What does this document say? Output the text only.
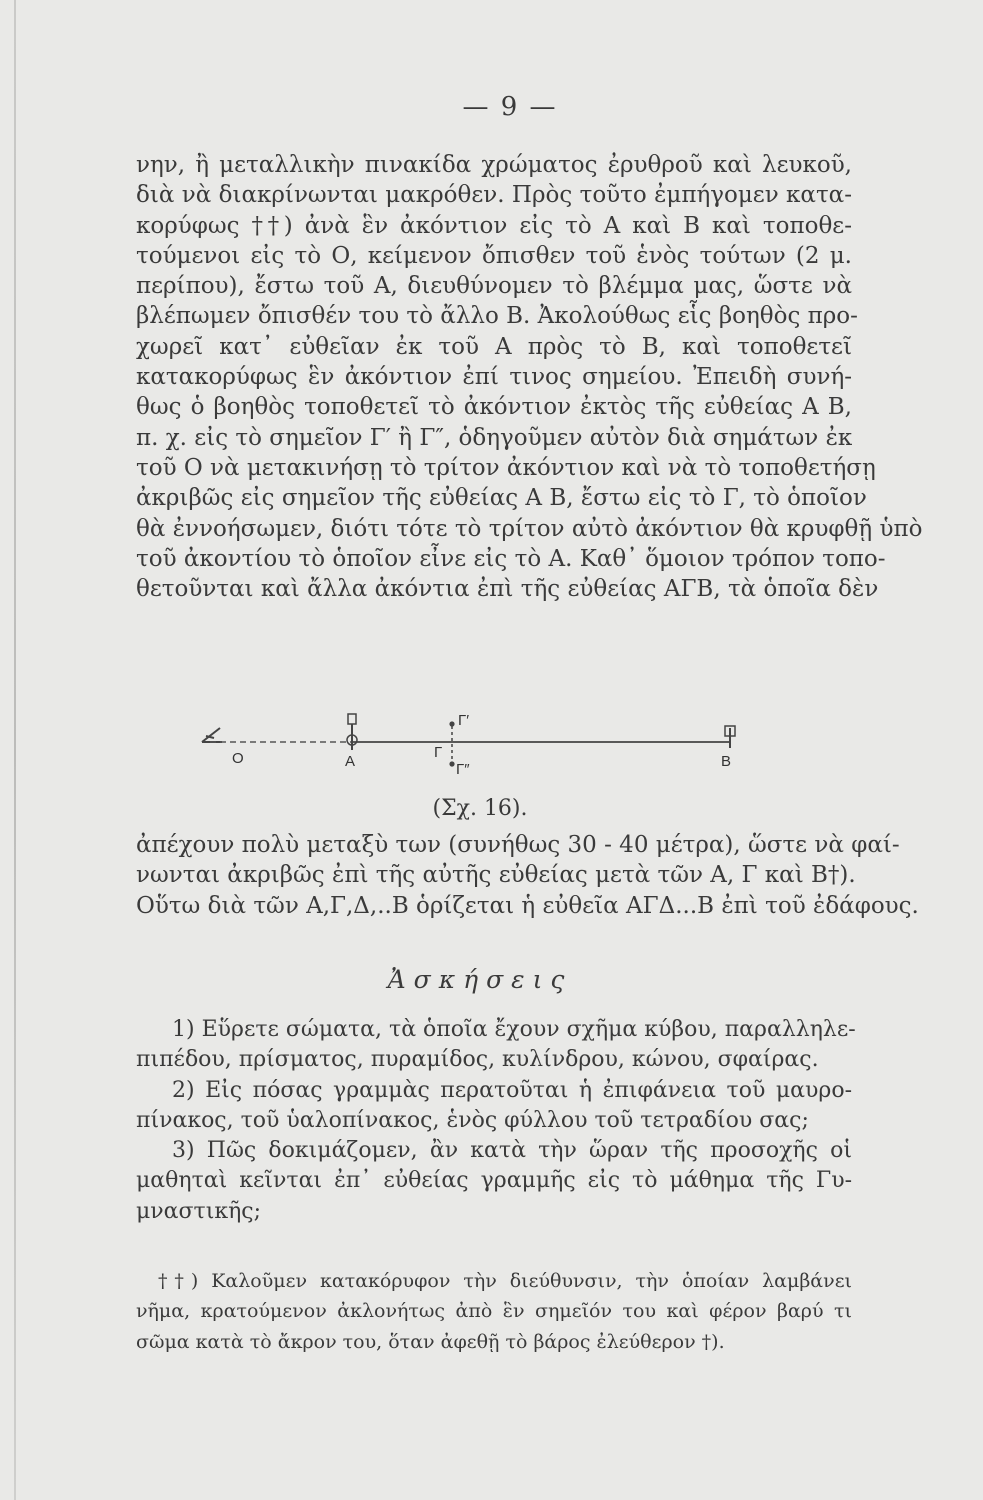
— 9 —
νην, ἢ μεταλλικὴν πινακίδα χρώματος ἐρυθροῦ καὶ λευκοῦ,
διὰ νὰ διακρίνωνται μακρόθεν. Πρὸς τοῦτο ἐμπήγομεν κατα-
κορύφως ††) ἀνὰ ἓν ἀκόντιον εἰς τὸ Α καὶ Β καὶ τοποθε-
τούμενοι εἰς τὸ Ο, κείμενον ὄπισθεν τοῦ ἑνὸς τούτων (2 μ.
περίπου), ἔστω τοῦ Α, διευθύνομεν τὸ βλέμμα μας, ὥστε νὰ
βλέπωμεν ὄπισθέν του τὸ ἄλλο Β. Ἀκολούθως εἷς βοηθὸς προ-
χωρεῖ κατ᾽ εὐθεῖαν ἐκ τοῦ Α πρὸς τὸ Β, καὶ τοποθετεῖ
κατακορύφως ἓν ἀκόντιον ἐπί τινος σημείου. Ἐπειδὴ συνή-
θως ὁ βοηθὸς τοποθετεῖ τὸ ἀκόντιον ἐκτὸς τῆς εὐθείας Α Β,
π. χ. εἰς τὸ σημεῖον Γ′ ἢ Γ″, ὁδηγοῦμεν αὐτὸν διὰ σημάτων ἐκ
τοῦ Ο νὰ μετακινήσῃ τὸ τρίτον ἀκόντιον καὶ νὰ τὸ τοποθετήσῃ
ἀκριβῶς εἰς σημεῖον τῆς εὐθείας Α Β, ἔστω εἰς τὸ Γ, τὸ ὁποῖον
θὰ ἐννοήσωμεν, διότι τότε τὸ τρίτον αὐτὸ ἀκόντιον θὰ κρυφθῇ ὑπὸ
τοῦ ἀκοντίου τὸ ὁποῖον εἶνε εἰς τὸ Α. Καθ᾽ ὅμοιον τρόπον τοπο-
θετοῦνται καὶ ἄλλα ἀκόντια ἐπὶ τῆς εὐθείας ΑΓΒ, τὰ ὁποῖα δὲν
O	A
Γ
Γ′
Γ″	B
(Σχ. 16).
ἀπέχουν πολὺ μεταξὺ των (συνήθως 30 - 40 μέτρα), ὥστε νὰ φαί-
νωνται ἀκριβῶς ἐπὶ τῆς αὐτῆς εὐθείας μετὰ τῶν Α, Γ καὶ Β†).
Οὕτω διὰ τῶν Α,Γ,Δ,..Β ὁρίζεται ἡ εὐθεῖα ΑΓΔ...Β ἐπὶ τοῦ ἐδάφους.
Ἀσκήσεις
1) Εὕρετε σώματα, τὰ ὁποῖα ἔχουν σχῆμα κύβου, παραλληλε-
πιπέδου, πρίσματος, πυραμίδος, κυλίνδρου, κώνου, σφαίρας.
2) Εἰς πόσας γραμμὰς περατοῦται ἡ ἐπιφάνεια τοῦ μαυρο-
πίνακος, τοῦ ὑαλοπίνακος, ἑνὸς φύλλου τοῦ τετραδίου σας;
3) Πῶς δοκιμάζομεν, ἂν κατὰ τὴν ὥραν τῆς προσοχῆς οἱ
μαθηταὶ κεῖνται ἐπ᾽ εὐθείας γραμμῆς εἰς τὸ μάθημα τῆς Γυ-
μναστικῆς;
††) Καλοῦμεν κατακόρυφον τὴν διεύθυνσιν, τὴν ὁποίαν λαμβάνει
νῆμα, κρατούμενον ἀκλονήτως ἀπὸ ἓν σημεῖόν του καὶ φέρον βαρύ τι
σῶμα κατὰ τὸ ἄκρον του, ὅταν ἀφεθῇ τὸ βάρος ἐλεύθερον †).
